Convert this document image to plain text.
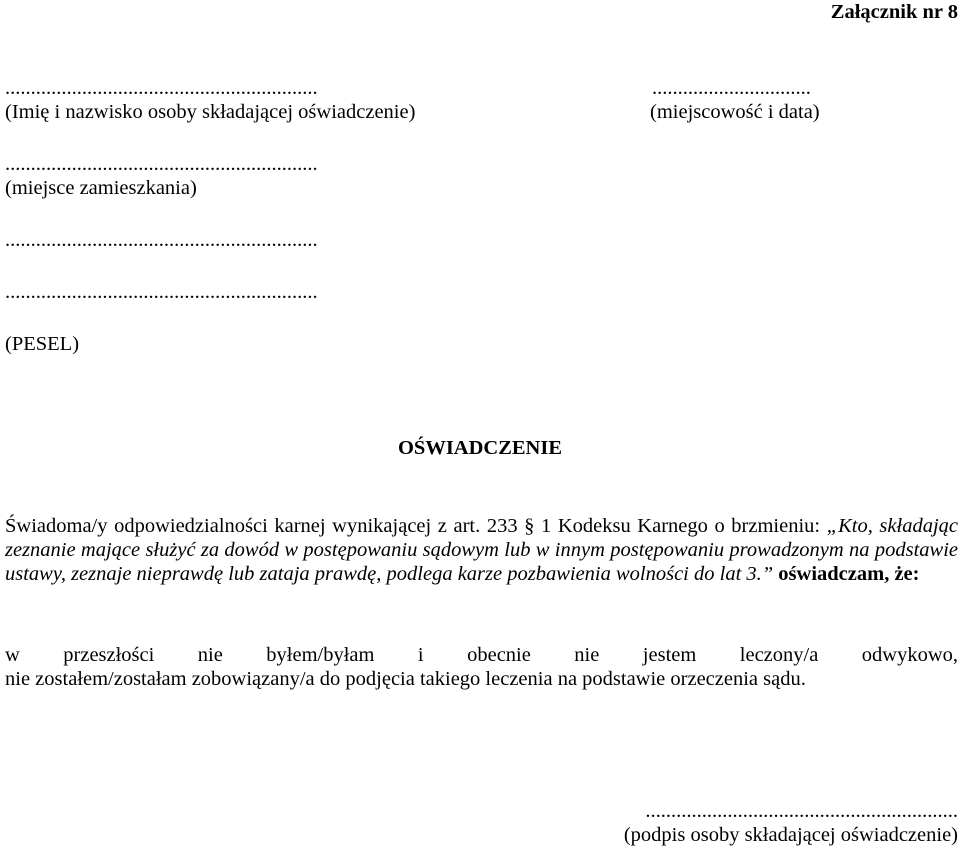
Załącznik nr 8
.............................................................	...............................
(Imię i nazwisko osoby składającej oświadczenie)	(miejscowość i data)
.............................................................
(miejsce zamieszkania)
.............................................................
.............................................................
(PESEL)
OŚWIADCZENIE

Świadoma/y odpowiedzialności karnej wynikającej z art. 233 § 1 Kodeksu Karnego o brzmieniu: „Kto, składając zeznanie mające służyć za dowód w postępowaniu sądowym lub w innym postępowaniu prowadzonym na podstawie ustawy, zeznaje nieprawdę lub zataja prawdę, podlega karze pozbawienia wolności do lat 3.” oświadczam, że:

w przeszłości nie byłem/byłam i obecnie nie jestem leczony/a odwykowo,
nie zostałem/zostałam zobowiązany/a do podjęcia takiego leczenia na podstawie orzeczenia sądu.

.............................................................
(podpis osoby składającej oświadczenie)
